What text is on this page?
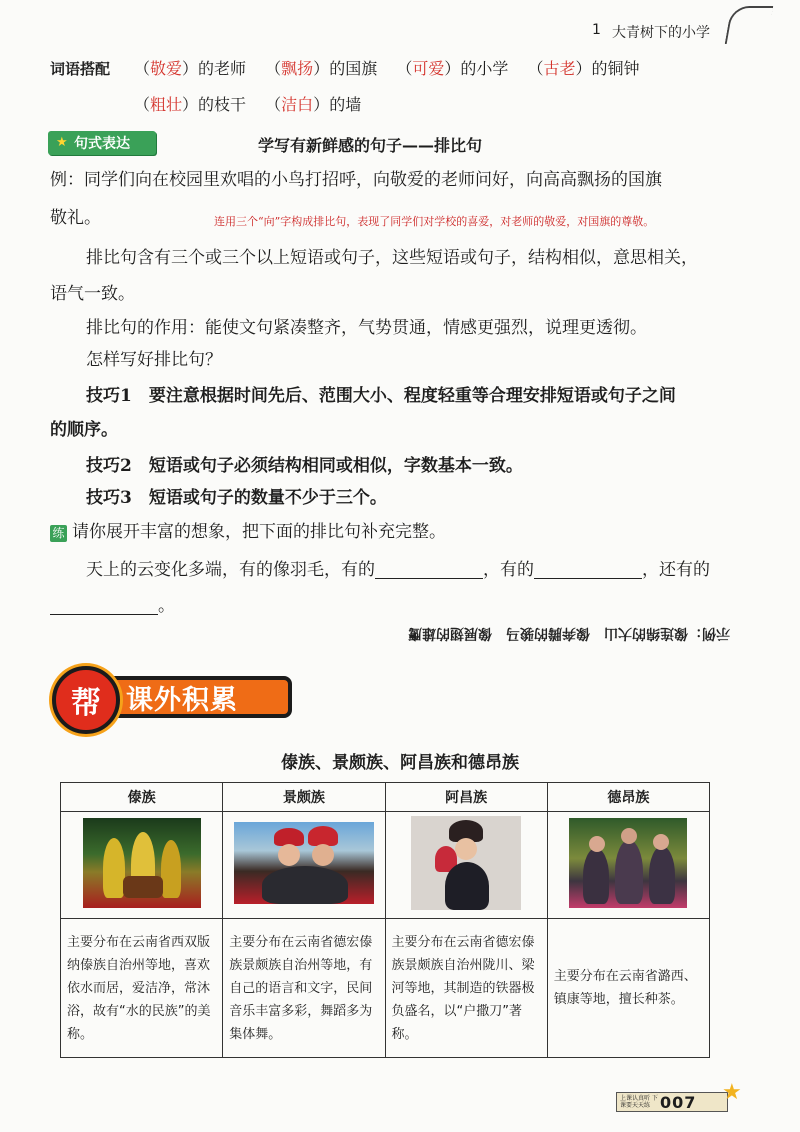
1 大青树下的小学
词语搭配 （敬爱）的老师 （飘扬）的国旗 （可爱）的小学 （古老）的铜钟
（粗壮）的枝干 （洁白）的墙
★ 句式表达	学写有新鲜感的句子——排比句
例：同学们向在校园里欢唱的小鸟打招呼，向敬爱的老师问好，向高高飘扬的国旗
敬礼。	连用三个“向”字构成排比句，表现了同学们对学校的喜爱，对老师的敬爱，对国旗的尊敬。
排比句含有三个或三个以上短语或句子，这些短语或句子，结构相似，意思相关，
语气一致。
排比句的作用：能使文句紧凑整齐，气势贯通，情感更强烈，说理更透彻。
怎样写好排比句？
技巧1　要注意根据时间先后、范围大小、程度轻重等合理安排短语或句子之间
的顺序。
技巧2　短语或句子必须结构相同或相似，字数基本一致。
技巧3　短语或句子的数量不少于三个。
练 请你展开丰富的想象，把下面的排比句补充完整。
天上的云变化多端，有的像羽毛，有的	，有的	，还有的
。
示例：像连绵的大山　像奔腾的骏马　像展翅的雄鹰
帮 课外积累
傣族、景颇族、阿昌族和德昂族
傣族	景颇族	阿昌族	德昂族

主要分布在云南省西双版纳傣族自治州等地，喜欢依水而居，爱洁净，常沐浴，故有“水的民族”的美称。	主要分布在云南省德宏傣族景颇族自治州等地，有自己的语言和文字，民间音乐丰富多彩，舞蹈多为集体舞。	主要分布在云南省德宏傣族景颇族自治州陇川、梁河等地，其制造的铁器极负盛名，以“户撒刀”著称。	主要分布在云南省潞西、镇康等地，擅长种茶。
上课认真听 下课要天天练 007 ★
